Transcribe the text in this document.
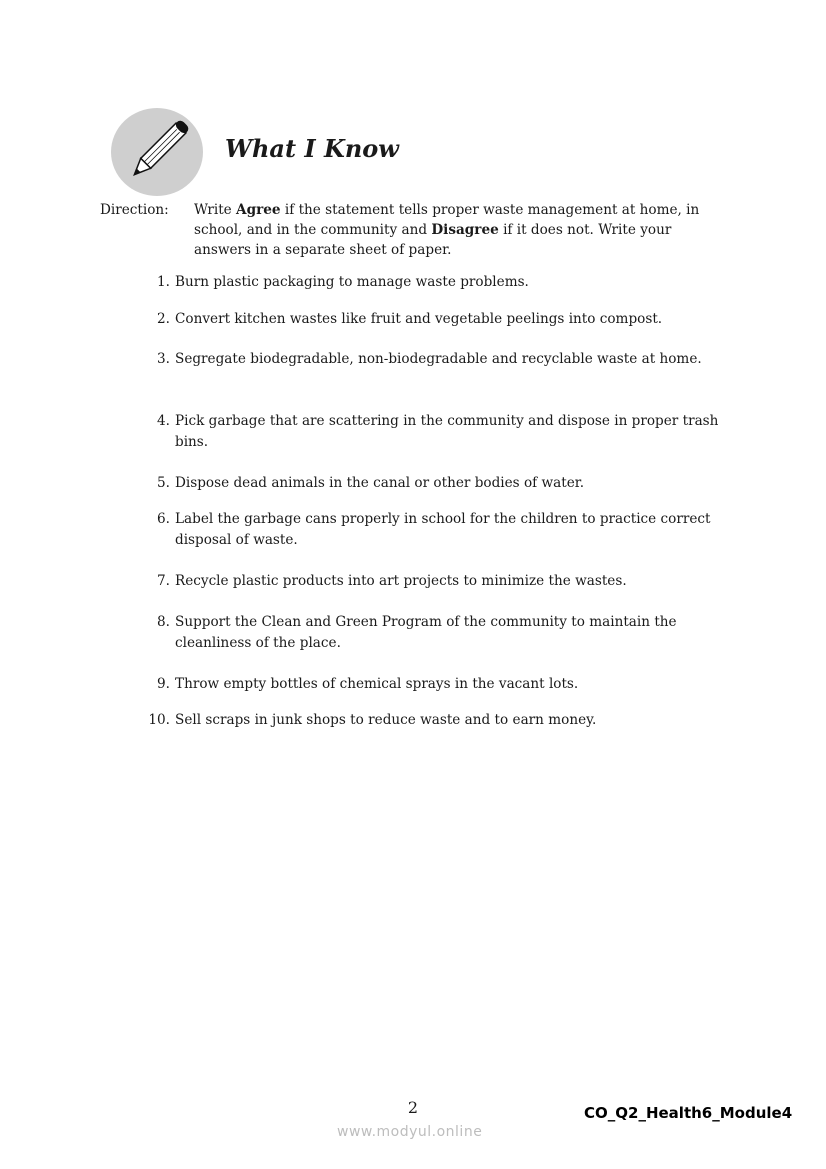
What I Know
Direction: Write Agree if the statement tells proper waste management at home, in school, and in the community and Disagree if it does not. Write your answers in a separate sheet of paper.
1. Burn plastic packaging to manage waste problems.
2. Convert kitchen wastes like fruit and vegetable peelings into compost.
3. Segregate biodegradable, non-biodegradable and recyclable waste at home.
4. Pick garbage that are scattering in the community and dispose in proper trash bins.
5. Dispose dead animals in the canal or other bodies of water.
6. Label the garbage cans properly in school for the children to practice correct disposal of waste.
7. Recycle plastic products into art projects to minimize the wastes.
8. Support the Clean and Green Program of the community to maintain the cleanliness of the place.
9. Throw empty bottles of chemical sprays in the vacant lots.
10. Sell scraps in junk shops to reduce waste and to earn money.
2	CO_Q2_Health6_Module4
www.modyul.online
